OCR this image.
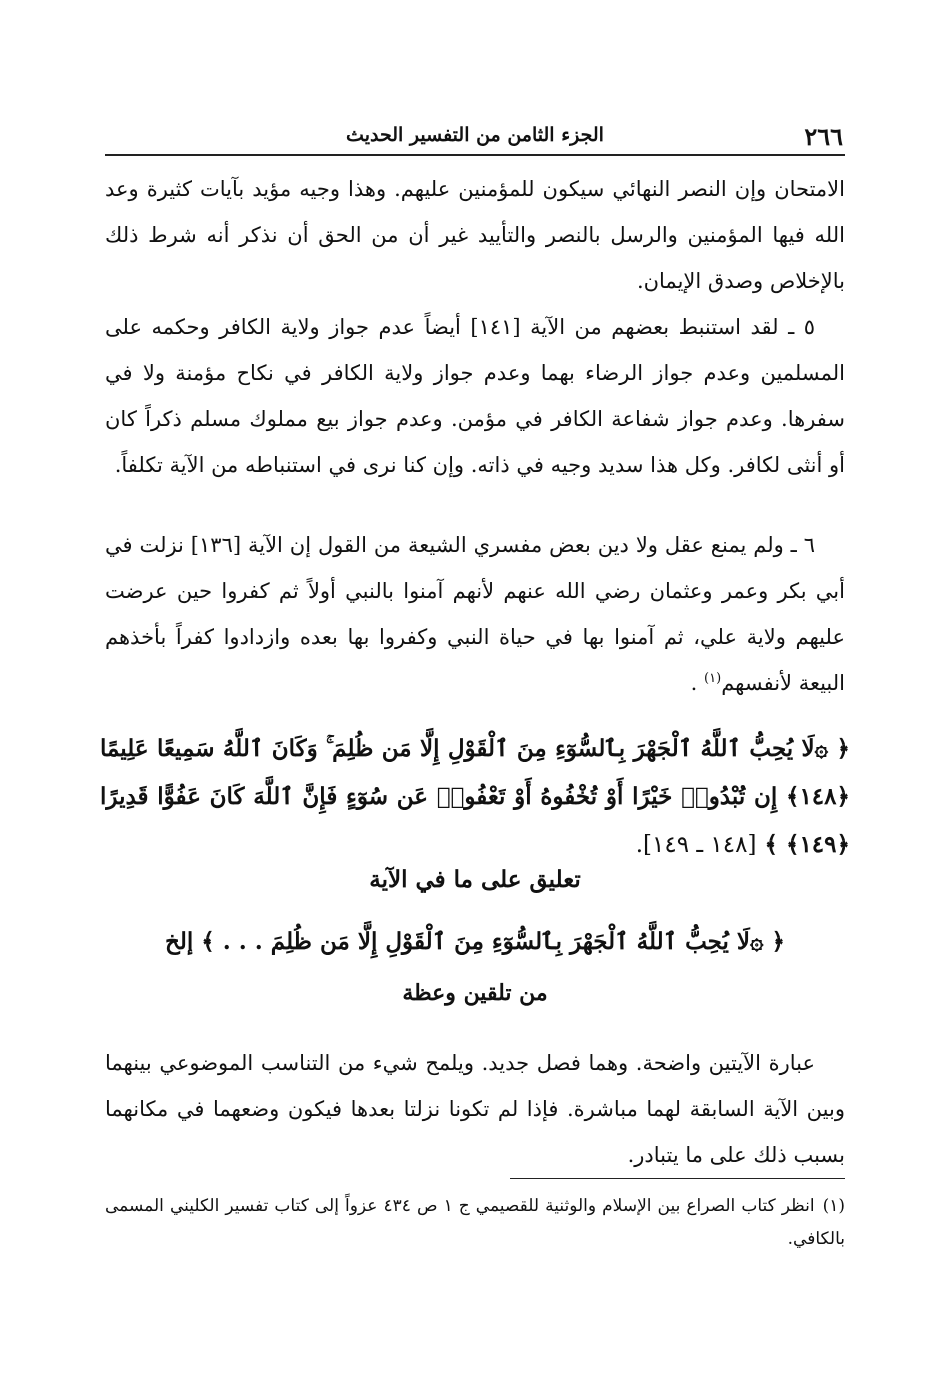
٢٦٦
الجزء الثامن من التفسير الحديث

الامتحان وإن النصر النهائي سيكون للمؤمنين عليهم. وهذا وجيه مؤيد بآيات كثيرة وعد الله فيها المؤمنين والرسل بالنصر والتأييد غير أن من الحق أن نذكر أنه شرط ذلك بالإخلاص وصدق الإيمان.

٥ ـ لقد استنبط بعضهم من الآية [١٤١] أيضاً عدم جواز ولاية الكافر وحكمه على المسلمين وعدم جواز الرضاء بهما وعدم جواز ولاية الكافر في نكاح مؤمنة ولا في سفرها. وعدم جواز شفاعة الكافر في مؤمن. وعدم جواز بيع مملوك مسلم ذكراً كان أو أنثى لكافر. وكل هذا سديد وجيه في ذاته. وإن كنا نرى في استنباطه من الآية تكلفاً.

٦ ـ ولم يمنع عقل ولا دين بعض مفسري الشيعة من القول إن الآية [١٣٦] نزلت في أبي بكر وعمر وعثمان رضي الله عنهم لأنهم آمنوا بالنبي أولاً ثم كفروا حين عرضت عليهم ولاية علي، ثم آمنوا بها في حياة النبي وكفروا بها بعده وازدادوا كفراً بأخذهم البيعة لأنفسهم$^{(١)}$ .

﴿ ۞لَا يُحِبُّ ٱللَّهُ ٱلْجَهْرَ بِٱلسُّوٓءِ مِنَ ٱلْقَوْلِ إِلَّا مَن ظُلِمَ ۚ وَكَانَ ٱللَّهُ سَمِيعًا عَلِيمًا ﴿١٤٨﴾ إِن تُبْدُوا۟ خَيْرًا أَوْ تُخْفُوهُ أَوْ تَعْفُوا۟ عَن سُوٓءٍ فَإِنَّ ٱللَّهَ كَانَ عَفُوًّا قَدِيرًا ﴿١٤٩﴾ ﴾ [١٤٨ ـ ١٤٩].
تعليق على ما في الآية
﴿ ۞لَا يُحِبُّ ٱللَّهُ ٱلْجَهْرَ بِٱلسُّوٓءِ مِنَ ٱلْقَوْلِ إِلَّا مَن ظُلِمَ . . . ﴾ إلخ
من تلقين وعظة

عبارة الآيتين واضحة. وهما فصل جديد. ويلمح شيء من التناسب الموضوعي بينهما وبين الآية السابقة لهما مباشرة. فإذا لم تكونا نزلتا بعدها فيكون وضعهما في مكانهما بسبب ذلك على ما يتبادر.

(١)انظر كتاب الصراع بين الإسلام والوثنية للقصيمي ج ١ ص ٤٣٤ عزواً إلى كتاب تفسير الكليني المسمى بالكافي.
